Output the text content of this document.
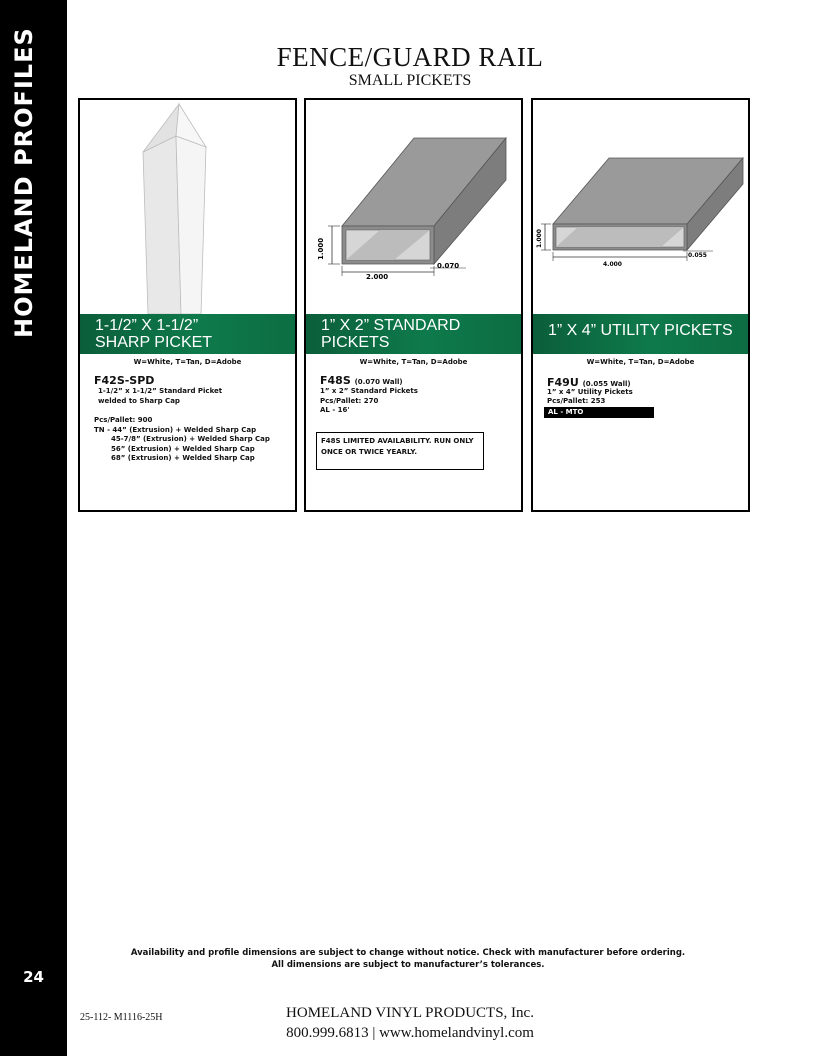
HOMELAND PROFILES
24
FENCE/GUARD RAIL
SMALL PICKETS
1-1/2” X 1-1/2”
SHARP PICKET
W=White, T=Tan, D=Adobe
F42S-SPD
1-1/2” x 1-1/2” Standard Picket
welded to Sharp Cap
Pcs/Pallet: 900
TN - 44” (Extrusion) + Welded Sharp Cap
45-7/8” (Extrusion) + Welded Sharp Cap
56” (Extrusion) + Welded Sharp Cap
68” (Extrusion) + Welded Sharp Cap
1.000
2.000
0.070
1” X 2” STANDARD
PICKETS
W=White, T=Tan, D=Adobe
F48S (0.070 Wall)
1” x 2” Standard Pickets
Pcs/Pallet: 270
AL - 16'
F48S LIMITED AVAILABILITY. RUN ONLY ONCE OR TWICE YEARLY.
1.000
4.000
0.055
1” X 4” UTILITY PICKETS
W=White, T=Tan, D=Adobe
F49U (0.055 Wall)
1” x 4” Utility Pickets
Pcs/Pallet: 253
AL - MTO
Availability and profile dimensions are subject to change without notice. Check with manufacturer before ordering.
All dimensions are subject to manufacturer’s tolerances.
25-112- M1116-25H	HOMELAND VINYL PRODUCTS, Inc.
800.999.6813 | www.homelandvinyl.com
